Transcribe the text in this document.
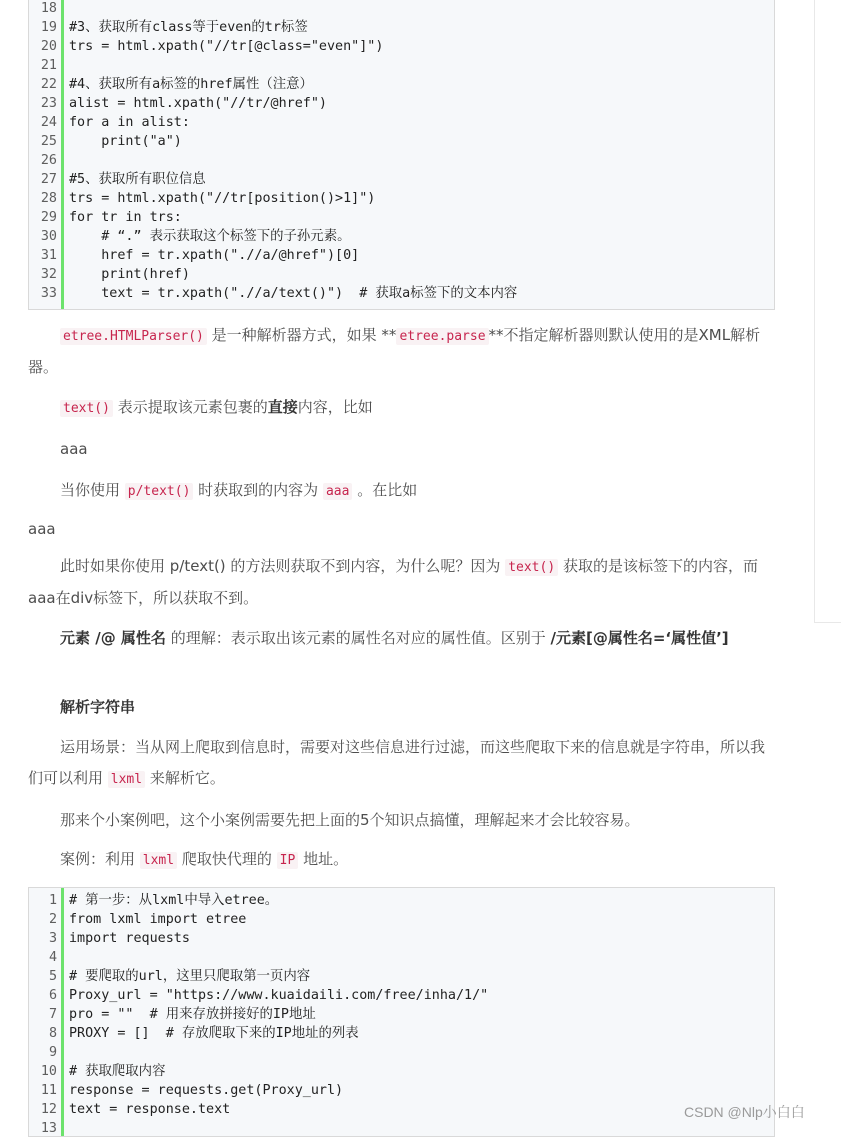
18
19 #3、获取所有class等于even的tr标签
20 trs = html.xpath("//tr[@class="even"]")
21
22 #4、获取所有a标签的href属性（注意）
23 alist = html.xpath("//tr/@href")
24 for a in alist:
25 print("a")
26
27 #5、获取所有职位信息
28 trs = html.xpath("//tr[position()>1]")
29 for tr in trs:
30 # “.” 表示获取这个标签下的子孙元素。
31 href = tr.xpath(".//a/@href")[0]
32 print(href)
33 text = tr.xpath(".//a/text()")  # 获取a标签下的文本内容
etree.HTMLParser() 是一种解析器方式，如果 ** etree.parse **不指定解析器则默认使用的是XML解析器。
text() 表示提取该元素包裹的直接内容，比如
aaa
当你使用 p/text() 时获取到的内容为 aaa 。在比如
aaa
此时如果你使用 p/text() 的方法则获取不到内容，为什么呢？因为 text() 获取的是该标签下的内容，而aaa在div标签下，所以获取不到。
元素 /@ 属性名 的理解：表示取出该元素的属性名对应的属性值。区别于 /元素[@属性名=‘属性值’]
解析字符串
运用场景：当从网上爬取到信息时，需要对这些信息进行过滤，而这些爬取下来的信息就是字符串，所以我们可以利用 lxml 来解析它。
那来个小案例吧，这个小案例需要先把上面的5个知识点搞懂，理解起来才会比较容易。
案例：利用 lxml 爬取快代理的 IP 地址。
1 # 第一步：从lxml中导入etree。
2 from lxml import etree
3 import requests
4
5 # 要爬取的url，这里只爬取第一页内容
6 Proxy_url = "https://www.kuaidaili.com/free/inha/1/"
7 pro = ""  # 用来存放拼接好的IP地址
8 PROXY = []  # 存放爬取下来的IP地址的列表
9
10 # 获取爬取内容
11 response = requests.get(Proxy_url)
12 text = response.text
13
CSDN @Nlp小白白
